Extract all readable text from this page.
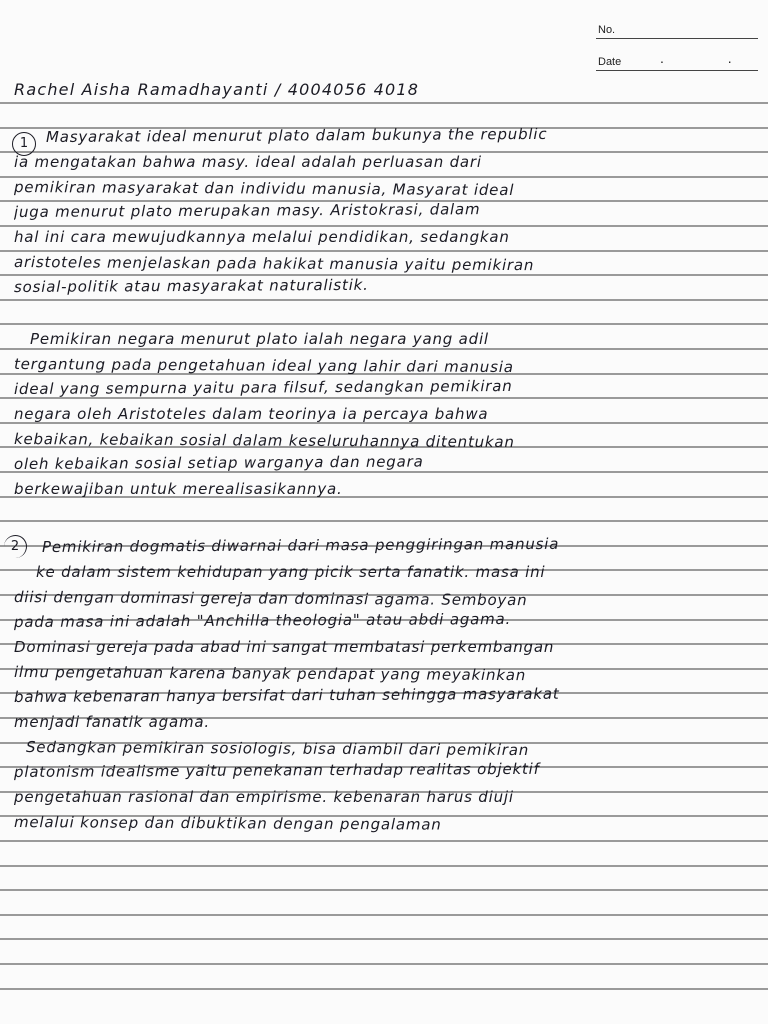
No.
Date	. .
Rachel Aisha Ramadhayanti / 4004056 4018
1	Masyarakat ideal menurut plato dalam bukunya the republic
ia mengatakan bahwa masy. ideal adalah perluasan dari
pemikiran masyarakat dan individu manusia, Masyarat ideal
juga menurut plato merupakan masy. Aristokrasi, dalam
hal ini cara mewujudkannya melalui pendidikan, sedangkan
aristoteles menjelaskan pada hakikat manusia yaitu pemikiran
sosial-politik atau masyarakat naturalistik.
Pemikiran negara menurut plato ialah negara yang adil
tergantung pada pengetahuan ideal yang lahir dari manusia
ideal yang sempurna yaitu para filsuf, sedangkan pemikiran
negara oleh Aristoteles dalam teorinya ia percaya bahwa
kebaikan, kebaikan sosial dalam keseluruhannya ditentukan
oleh kebaikan sosial setiap warganya dan negara
berkewajiban untuk merealisasikannya.
2	Pemikiran dogmatis diwarnai dari masa penggiringan manusia
ke dalam sistem kehidupan yang picik serta fanatik. masa ini
diisi dengan dominasi gereja dan dominasi agama. Semboyan
pada masa ini adalah "Anchilla theologia" atau abdi agama.
Dominasi gereja pada abad ini sangat membatasi perkembangan
ilmu pengetahuan karena banyak pendapat yang meyakinkan
bahwa kebenaran hanya bersifat dari tuhan sehingga masyarakat
menjadi fanatik agama.
Sedangkan pemikiran sosiologis, bisa diambil dari pemikiran
platonism idealisme yaitu penekanan terhadap realitas objektif
pengetahuan rasional dan empirisme. kebenaran harus diuji
melalui konsep dan dibuktikan dengan pengalaman
